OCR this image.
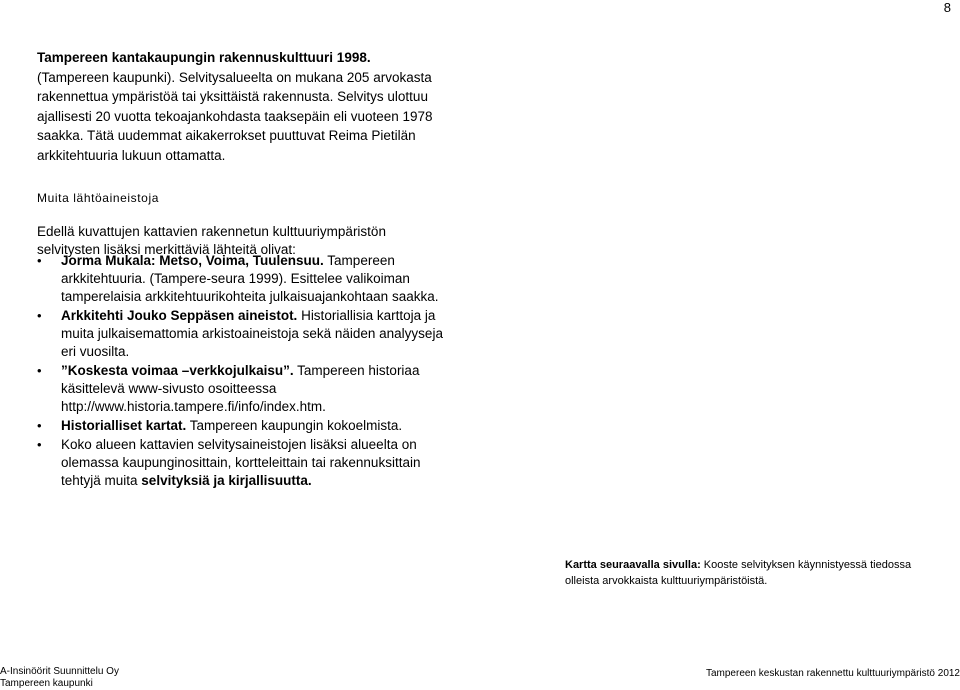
8
Tampereen kantakaupungin rakennuskulttuuri 1998. (Tampereen kaupunki). Selvitysalueelta on mukana 205 arvokasta rakennettua ympäristöä tai yksittäistä rakennusta. Selvitys ulottuu ajallisesti 20 vuotta tekoajankohdasta taaksepäin eli vuoteen 1978 saakka. Tätä uudemmat aikakerrokset puuttuvat Reima Pietilän arkkitehtuuria lukuun ottamatta.
Muita lähtöaineistoja
Edellä kuvattujen kattavien rakennetun kulttuuriympäristön selvitysten lisäksi merkittäviä lähteitä olivat:
• Jorma Mukala: Metso, Voima, Tuulensuu. Tampereen arkkitehtuuria. (Tampere-seura 1999). Esittelee valikoiman tamperelaisia arkkitehtuurikohteita julkaisuajankohtaan saakka.
• Arkkitehti Jouko Seppäsen aineistot. Historiallisia karttoja ja muita julkaisemattomia arkistoaineistoja sekä näiden analyyseja eri vuosilta.
• ”Koskesta voimaa –verkkojulkaisu”. Tampereen historiaa käsittelevä www-sivusto osoitteessa http://www.historia.tampere.fi/info/index.htm.
• Historialliset kartat. Tampereen kaupungin kokoelmista.
• Koko alueen kattavien selvitysaineistojen lisäksi alueelta on olemassa kaupunginosittain, kortteleittain tai rakennuksittain tehtyjä muita selvityksiä ja kirjallisuutta.
Kartta seuraavalla sivulla: Kooste selvityksen käynnistyessä tiedossa olleista arvokkaista kulttuuriympäristöistä.
A-Insinöörit Suunnittelu Oy
Tampereen kaupunki
Tampereen keskustan rakennettu kulttuuriympäristö 2012
